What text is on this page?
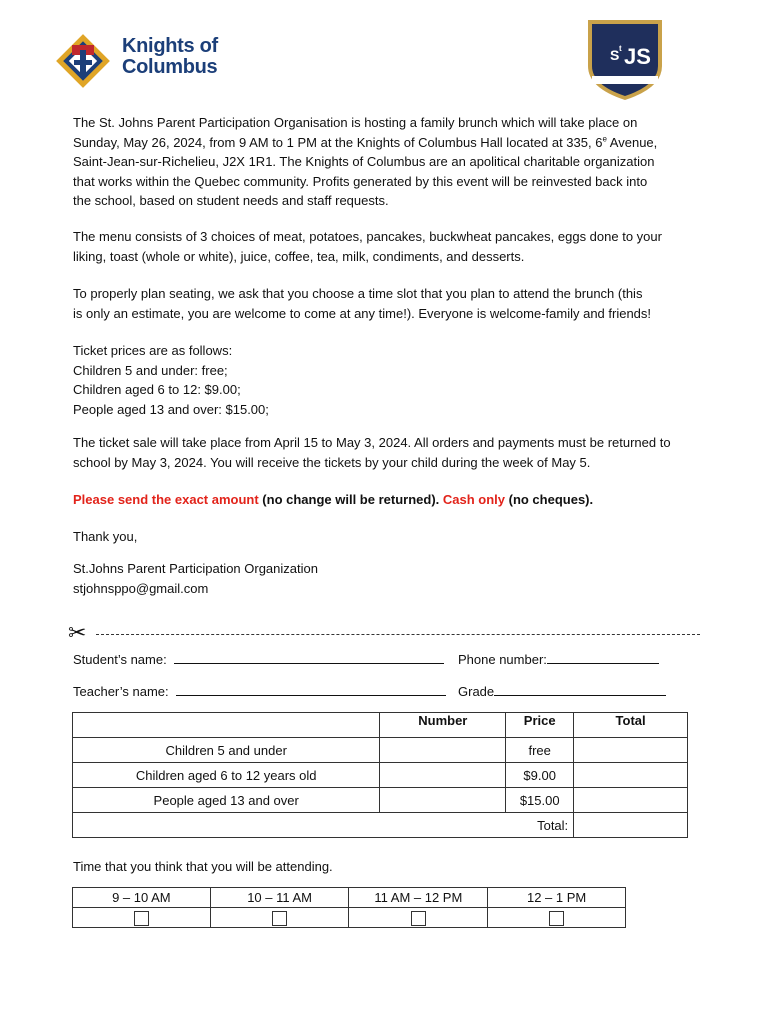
Knights of
Columbus
S t JS
The St. Johns Parent Participation Organisation is hosting a family brunch which will take place on
Sunday, May 26, 2024, from 9 AM to 1 PM at the Knights of Columbus Hall located at 335, 6e Avenue,
Saint-Jean-sur-Richelieu, J2X 1R1. The Knights of Columbus are an apolitical charitable organization
that works within the Quebec community. Profits generated by this event will be reinvested back into
the school, based on student needs and staff requests.
The menu consists of 3 choices of meat, potatoes, pancakes, buckwheat pancakes, eggs done to your
liking, toast (whole or white), juice, coffee, tea, milk, condiments, and desserts.
To properly plan seating, we ask that you choose a time slot that you plan to attend the brunch (this
is only an estimate, you are welcome to come at any time!). Everyone is welcome-family and friends!
Ticket prices are as follows:
Children 5 and under: free;
Children aged 6 to 12: $9.00;
People aged 13 and over: $15.00;
The ticket sale will take place from April 15 to May 3, 2024. All orders and payments must be returned to
school by May 3, 2024. You will receive the tickets by your child during the week of May 5.
Please send the exact amount (no change will be returned). Cash only (no cheques).
Thank you,
St.Johns Parent Participation Organization
stjohnsppo@gmail.com
✂
Student’s name:	Phone number:
Teacher’s name:	Grade
	Number	Price	Total
Children 5 and under		free	
Children aged 6 to 12 years old		$9.00	
People aged 13 and over		$15.00	
Total:			
Time that you think that you will be attending.
9 – 10 AM	10 – 11 AM	11 AM – 12 PM	12 – 1 PM
